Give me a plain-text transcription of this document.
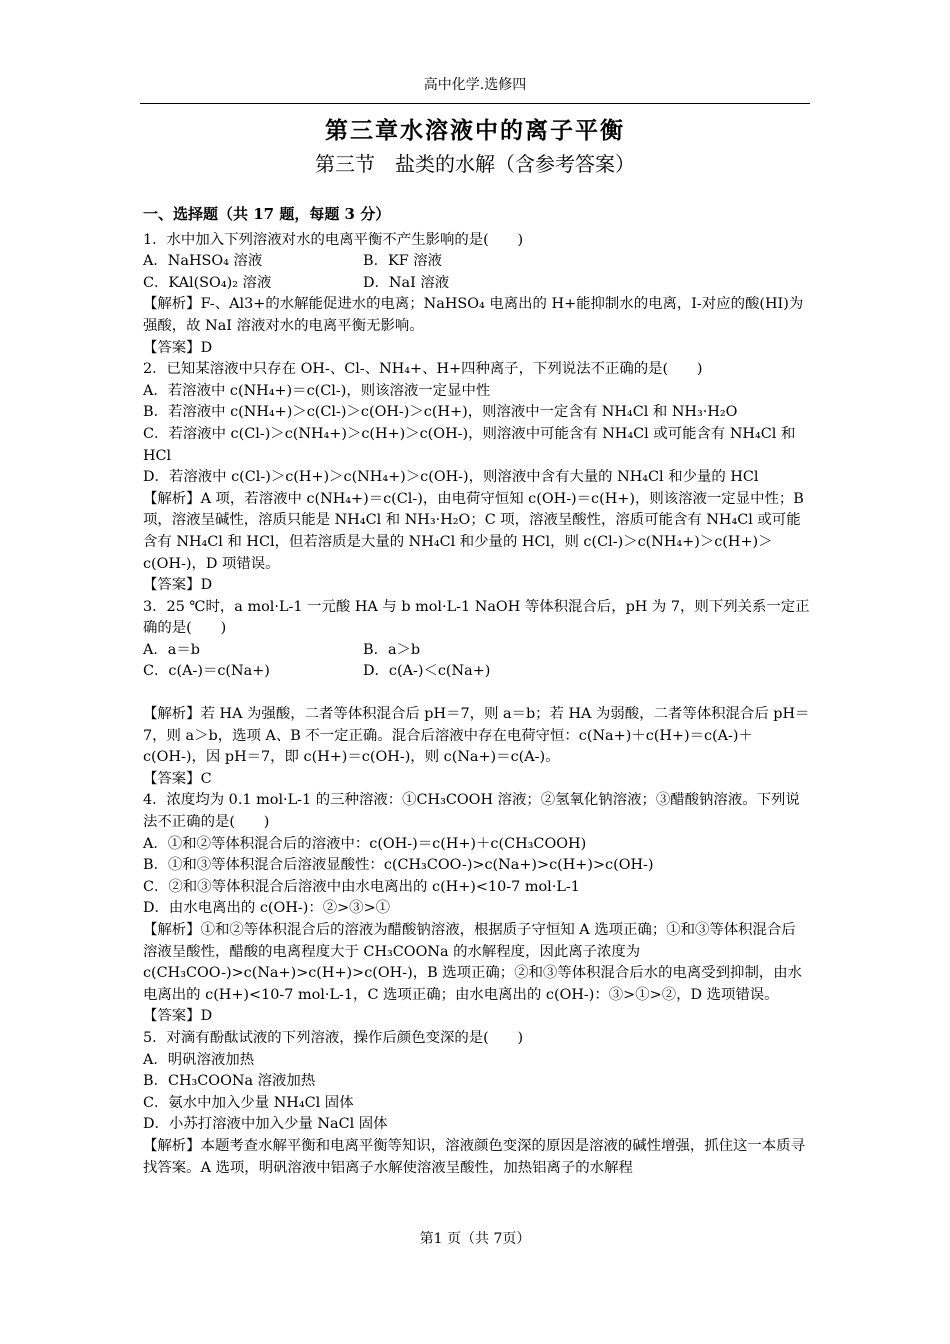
高中化学.选修四
第三章水溶液中的离子平衡
第三节　盐类的水解（含参考答案）

一、选择题（共 17 题，每题 3 分）

1．水中加入下列溶液对水的电离平衡不产生影响的是(　　)

A．NaHSO₄ 溶液	B．KF 溶液
C．KAl(SO₄)₂ 溶液	D．NaI 溶液

【解析】F-、Al3+的水解能促进水的电离；NaHSO₄ 电离出的 H+能抑制水的电离，I-对应的酸(HI)为强酸，故 NaI 溶液对水的电离平衡无影响。

【答案】D

2．已知某溶液中只存在 OH-、Cl-、NH₄+、H+四种离子，下列说法不正确的是(　　)

A．若溶液中 c(NH₄+)＝c(Cl-)，则该溶液一定显中性

B．若溶液中 c(NH₄+)＞c(Cl-)＞c(OH-)＞c(H+)，则溶液中一定含有 NH₄Cl 和 NH₃·H₂O

C．若溶液中 c(Cl-)＞c(NH₄+)＞c(H+)＞c(OH-)，则溶液中可能含有 NH₄Cl 或可能含有 NH₄Cl 和 HCl

D．若溶液中 c(Cl-)＞c(H+)＞c(NH₄+)＞c(OH-)，则溶液中含有大量的 NH₄Cl 和少量的 HCl

【解析】A 项，若溶液中 c(NH₄+)＝c(Cl-)，由电荷守恒知 c(OH-)＝c(H+)，则该溶液一定显中性；B 项，溶液呈碱性，溶质只能是 NH₄Cl 和 NH₃·H₂O；C 项，溶液呈酸性，溶质可能含有 NH₄Cl 或可能含有 NH₄Cl 和 HCl，但若溶质是大量的 NH₄Cl 和少量的 HCl，则 c(Cl-)＞c(NH₄+)＞c(H+)＞c(OH-)，D 项错误。

【答案】D

3．25 ℃时，a mol·L-1 一元酸 HA 与 b mol·L-1 NaOH 等体积混合后，pH 为 7，则下列关系一定正确的是(　　)

A．a＝b	B．a＞b
C．c(A-)＝c(Na+)	D．c(A-)＜c(Na+)

【解析】若 HA 为强酸，二者等体积混合后 pH＝7，则 a＝b；若 HA 为弱酸，二者等体积混合后 pH＝7，则 a＞b，选项 A、B 不一定正确。混合后溶液中存在电荷守恒：c(Na+)＋c(H+)＝c(A-)＋c(OH-)，因 pH＝7，即 c(H+)＝c(OH-)，则 c(Na+)＝c(A-)。

【答案】C

4．浓度均为 0.1 mol·L-1 的三种溶液：①CH₃COOH 溶液；②氢氧化钠溶液；③醋酸钠溶液。下列说法不正确的是(　　)

A．①和②等体积混合后的溶液中：c(OH-)＝c(H+)＋c(CH₃COOH)

B．①和③等体积混合后溶液显酸性：c(CH₃COO-)>c(Na+)>c(H+)>c(OH-)

C．②和③等体积混合后溶液中由水电离出的 c(H+)<10-7 mol·L-1

D．由水电离出的 c(OH-)：②>③>①

【解析】①和②等体积混合后的溶液为醋酸钠溶液，根据质子守恒知 A 选项正确；①和③等体积混合后溶液呈酸性，醋酸的电离程度大于 CH₃COONa 的水解程度，因此离子浓度为 c(CH₃COO-)>c(Na+)>c(H+)>c(OH-)，B 选项正确；②和③等体积混合后水的电离受到抑制，由水电离出的 c(H+)<10-7 mol·L-1，C 选项正确；由水电离出的 c(OH-)：③>①>②，D 选项错误。

【答案】D

5．对滴有酚酞试液的下列溶液，操作后颜色变深的是(　　)

A．明矾溶液加热

B．CH₃COONa 溶液加热

C．氨水中加入少量 NH₄Cl 固体

D．小苏打溶液中加入少量 NaCl 固体

【解析】本题考查水解平衡和电离平衡等知识，溶液颜色变深的原因是溶液的碱性增强，抓住这一本质寻找答案。A 选项，明矾溶液中铝离子水解使溶液呈酸性，加热铝离子的水解程

第1 页（共 7页）
